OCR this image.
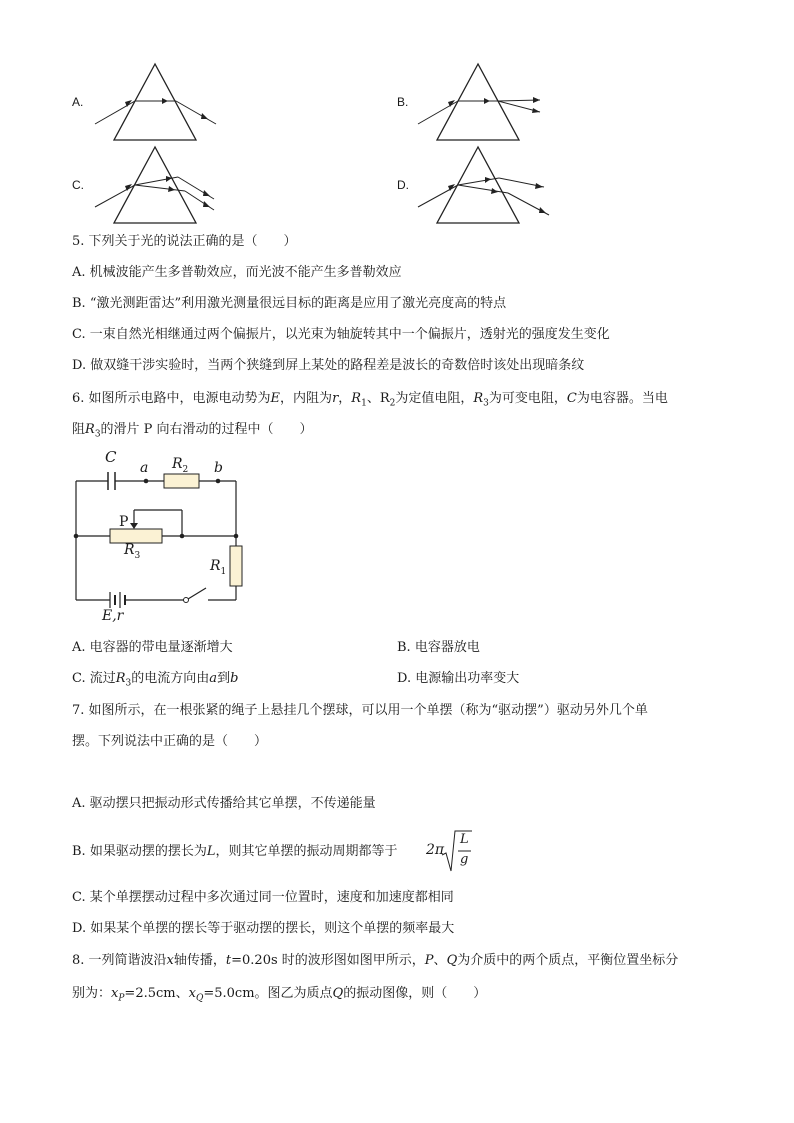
A.	B.
C.	D.
5. 下列关于光的说法正确的是（　　）
A. 机械波能产生多普勒效应，而光波不能产生多普勒效应
B. “激光测距雷达”利用激光测量很远目标的距离是应用了激光亮度高的特点
C. 一束自然光相继通过两个偏振片，以光束为轴旋转其中一个偏振片，透射光的强度发生变化
D. 做双缝干涉实验时，当两个狭缝到屏上某处的路程差是波长的奇数倍时该处出现暗条纹
6. 如图所示电路中，电源电动势为E，内阻为r，$R_1$、$R_2$为定值电阻，$R_3$为可变电阻，C为电容器。当电
阻$R_3$的滑片 P 向右滑动的过程中（　　）
C
a $R_2$ b
P
$R_3$
$R_1$
E,r
A. 电容器的带电量逐渐增大	B. 电容器放电
C. 流过$R_3$的电流方向由a到b	D. 电源输出功率变大
7. 如图所示，在一根张紧的绳子上悬挂几个摆球，可以用一个单摆（称为“驱动摆”）驱动另外几个单
摆。下列说法中正确的是（　　）
A. 驱动摆只把振动形式传播给其它单摆，不传递能量
B. 如果驱动摆的摆长为L，则其它单摆的振动周期都等于 2π
L
g
C. 某个单摆摆动过程中多次通过同一位置时，速度和加速度都相同
D. 如果某个单摆的摆长等于驱动摆的摆长，则这个单摆的频率最大
8. 一列简谐波沿x轴传播，t=0.20s 时的波形图如图甲所示，P、Q为介质中的两个质点，平衡位置坐标分
别为：$x_P=2.5cm$、$x_Q=5.0cm$。图乙为质点Q的振动图像，则（　　）
